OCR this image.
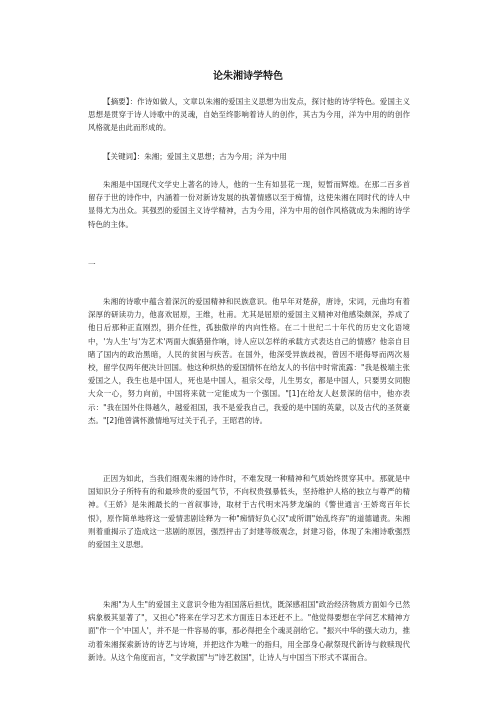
论朱湘诗学特色

【摘要】：作诗如做人，文章以朱湘的爱国主义思想为出发点，探讨他的诗学特色。爱国主义思想是贯穿于诗人诗歌中的灵魂，自始至终影响着诗人的创作，其古为今用，洋为中用的的创作风格就是由此而形成的。

【关键词】：朱湘；爱国主义思想；古为今用；洋为中用

朱湘是中国现代文学史上著名的诗人，他的一生有如昙花一现，短暂而辉煌。在那二百多首留存于世的诗作中，内涵着一份对新诗发展的执著情感以至于痴情，这使朱湘在同时代的诗人中显得尤为出众。其强烈的爱国主义诗学精神，古为今用，洋为中用的创作风格就成为朱湘的诗学特色的主体。

一

朱湘的诗歌中蕴含着深沉的爱国精神和民族意识。他早年对楚辞，唐诗，宋词，元曲均有着深厚的研读功力，他喜欢屈原，王维，杜甫。尤其是屈原的爱国主义精神对他感染颇深，养成了他日后那种正直刚烈，狷介任性，孤独傲岸的内向性格。在二十世纪二十年代的历史文化语境中，'为人生'与'为艺术'两面大旗猎猎作响，诗人应以怎样的承载方式表达自己的情感？他亲自目睹了国内的政治黑暗，人民的贫困与疾苦。在国外，他深受异族歧视，曾因不堪侮辱而两次易校，留学仅两年便决计回国。他这种炽热的爱国情怀在给友人的书信中时常流露："我是极端主张爱国之人，我生也是中国人，死也是中国人，祖宗父母，儿生男女，都是中国人，只要男女同胞大众一心，努力向前，中国将来就一定能成为一个强国。"[1]在给友人赵景深的信中，他亦表示："我在国外住得越久，越爱祖国，我不是爱我自己，我爱的是中国的英蒙，以及古代的圣贤豪杰。"[2]他曾满怀激情地写过关于孔子，王昭君的诗。

正因为如此，当我们细观朱湘的诗作时，不难发现一种精神和气质始终贯穿其中。那就是中国知识分子所特有的和最珍贵的爱国气节，不向权贵强暴低头，坚持维护人格的独立与尊严的精神。《王娇》是朱湘最长的一首叙事诗，取材于古代明末冯梦龙编的《警世通言·王娇鸾百年长恨》，原作简单地将这一爱情悲剧诠释为一种"痴情好负心汉"或所谓"始乱终弃"的道德谴责。朱湘则着重揭示了造成这一悲剧的原因，强烈抨击了封建等级观念，封建习俗，体现了朱湘诗歌强烈的爱国主义思想。

朱湘"为人生"的爱国主义意识令他为祖国落后担忧，既深感祖国"政治经济物质方面如今已然病象极其显著了"，又担心"将来在学习艺术方面连日本还赶不上。"他觉得要想在学问艺术精神方面"作一个'中国人'，并不是一件容易的事，那必得把全个魂灵剖给它。"振兴中华的强大动力，推动着朱湘探索新诗的诗艺与诗境，并把这作为唯一的指归，用全部身心献祭现代新诗与救赎现代新诗。从这个角度而言，"文学救国"与"诗艺救国"，让诗人与中国当下形式不谋而合。
